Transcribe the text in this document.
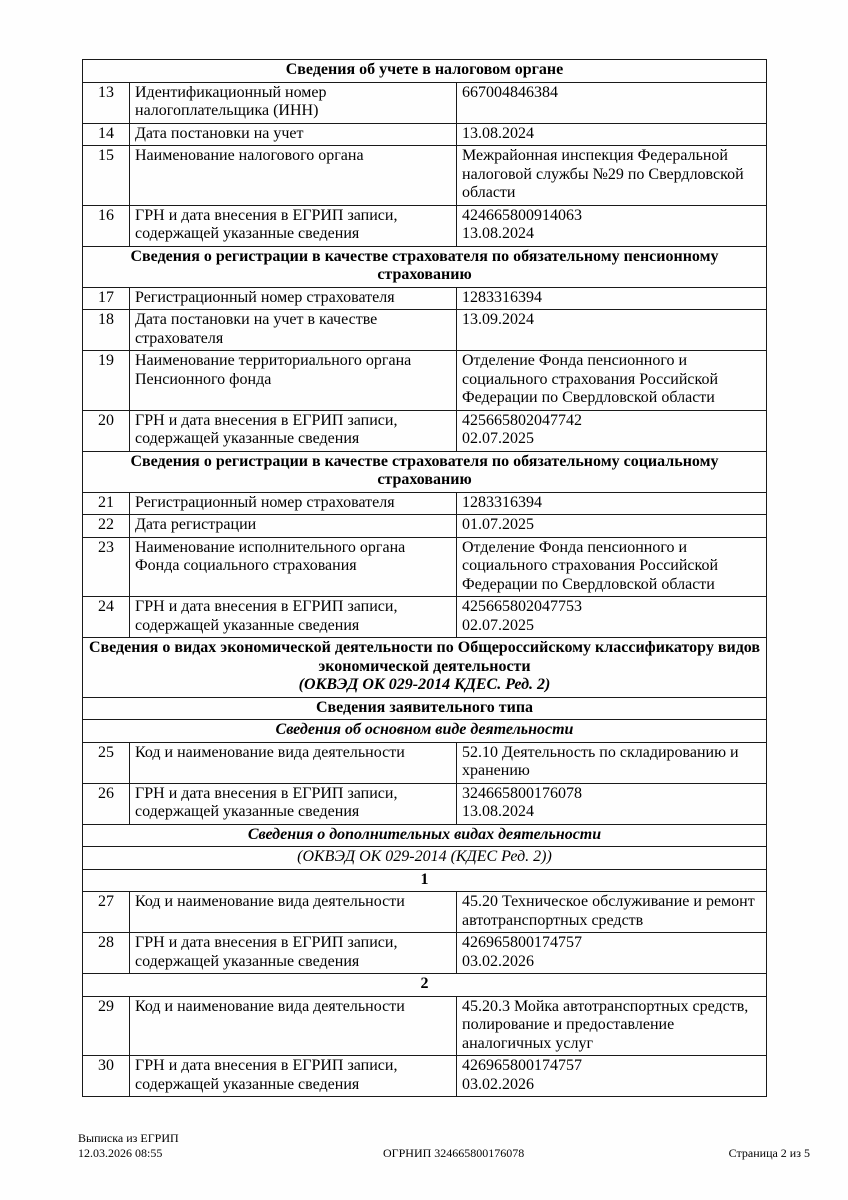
Сведения об учете в налоговом органе		

13	Идентификационный номер налогоплательщика (ИНН)	667004846384

14	Дата постановки на учет	13.08.2024

15	Наименование налогового органа	Межрайонная инспекция Федеральной налоговой службы №29 по Свердловской области

16	ГРН и дата внесения в ЕГРИП записи, содержащей указанные сведения	424665800914063
13.08.2024

Сведения о регистрации в качестве страхователя по обязательному пенсионному страхованию		

17	Регистрационный номер страхователя	1283316394

18	Дата постановки на учет в качестве страхователя	13.09.2024

19	Наименование территориального органа Пенсионного фонда	Отделение Фонда пенсионного и социального страхования Российской Федерации по Свердловской области

20	ГРН и дата внесения в ЕГРИП записи, содержащей указанные сведения	425665802047742
02.07.2025

Сведения о регистрации в качестве страхователя по обязательному социальному страхованию		

21	Регистрационный номер страхователя	1283316394

22	Дата регистрации	01.07.2025

23	Наименование исполнительного органа Фонда социального страхования	Отделение Фонда пенсионного и социального страхования Российской Федерации по Свердловской области

24	ГРН и дата внесения в ЕГРИП записи, содержащей указанные сведения	425665802047753
02.07.2025

Сведения о видах экономической деятельности по Общероссийскому классификатору видов экономической деятельности
(ОКВЭД ОК 029-2014 КДЕС. Ред. 2)		

Сведения заявительного типа		

Сведения об основном виде деятельности		

25	Код и наименование вида деятельности	52.10 Деятельность по складированию и хранению

26	ГРН и дата внесения в ЕГРИП записи, содержащей указанные сведения	324665800176078
13.08.2024

Сведения о дополнительных видах деятельности		

(ОКВЭД ОК 029-2014 (КДЕС Ред. 2))		

1		

27	Код и наименование вида деятельности	45.20 Техническое обслуживание и ремонт автотранспортных средств

28	ГРН и дата внесения в ЕГРИП записи, содержащей указанные сведения	426965800174757
03.02.2026

2		

29	Код и наименование вида деятельности	45.20.3 Мойка автотранспортных средств, полирование и предоставление аналогичных услуг

30	ГРН и дата внесения в ЕГРИП записи, содержащей указанные сведения	426965800174757
03.02.2026
Выписка из ЕГРИП
12.03.2026 08:55	ОГРНИП 324665800176078	Страница 2 из 5
